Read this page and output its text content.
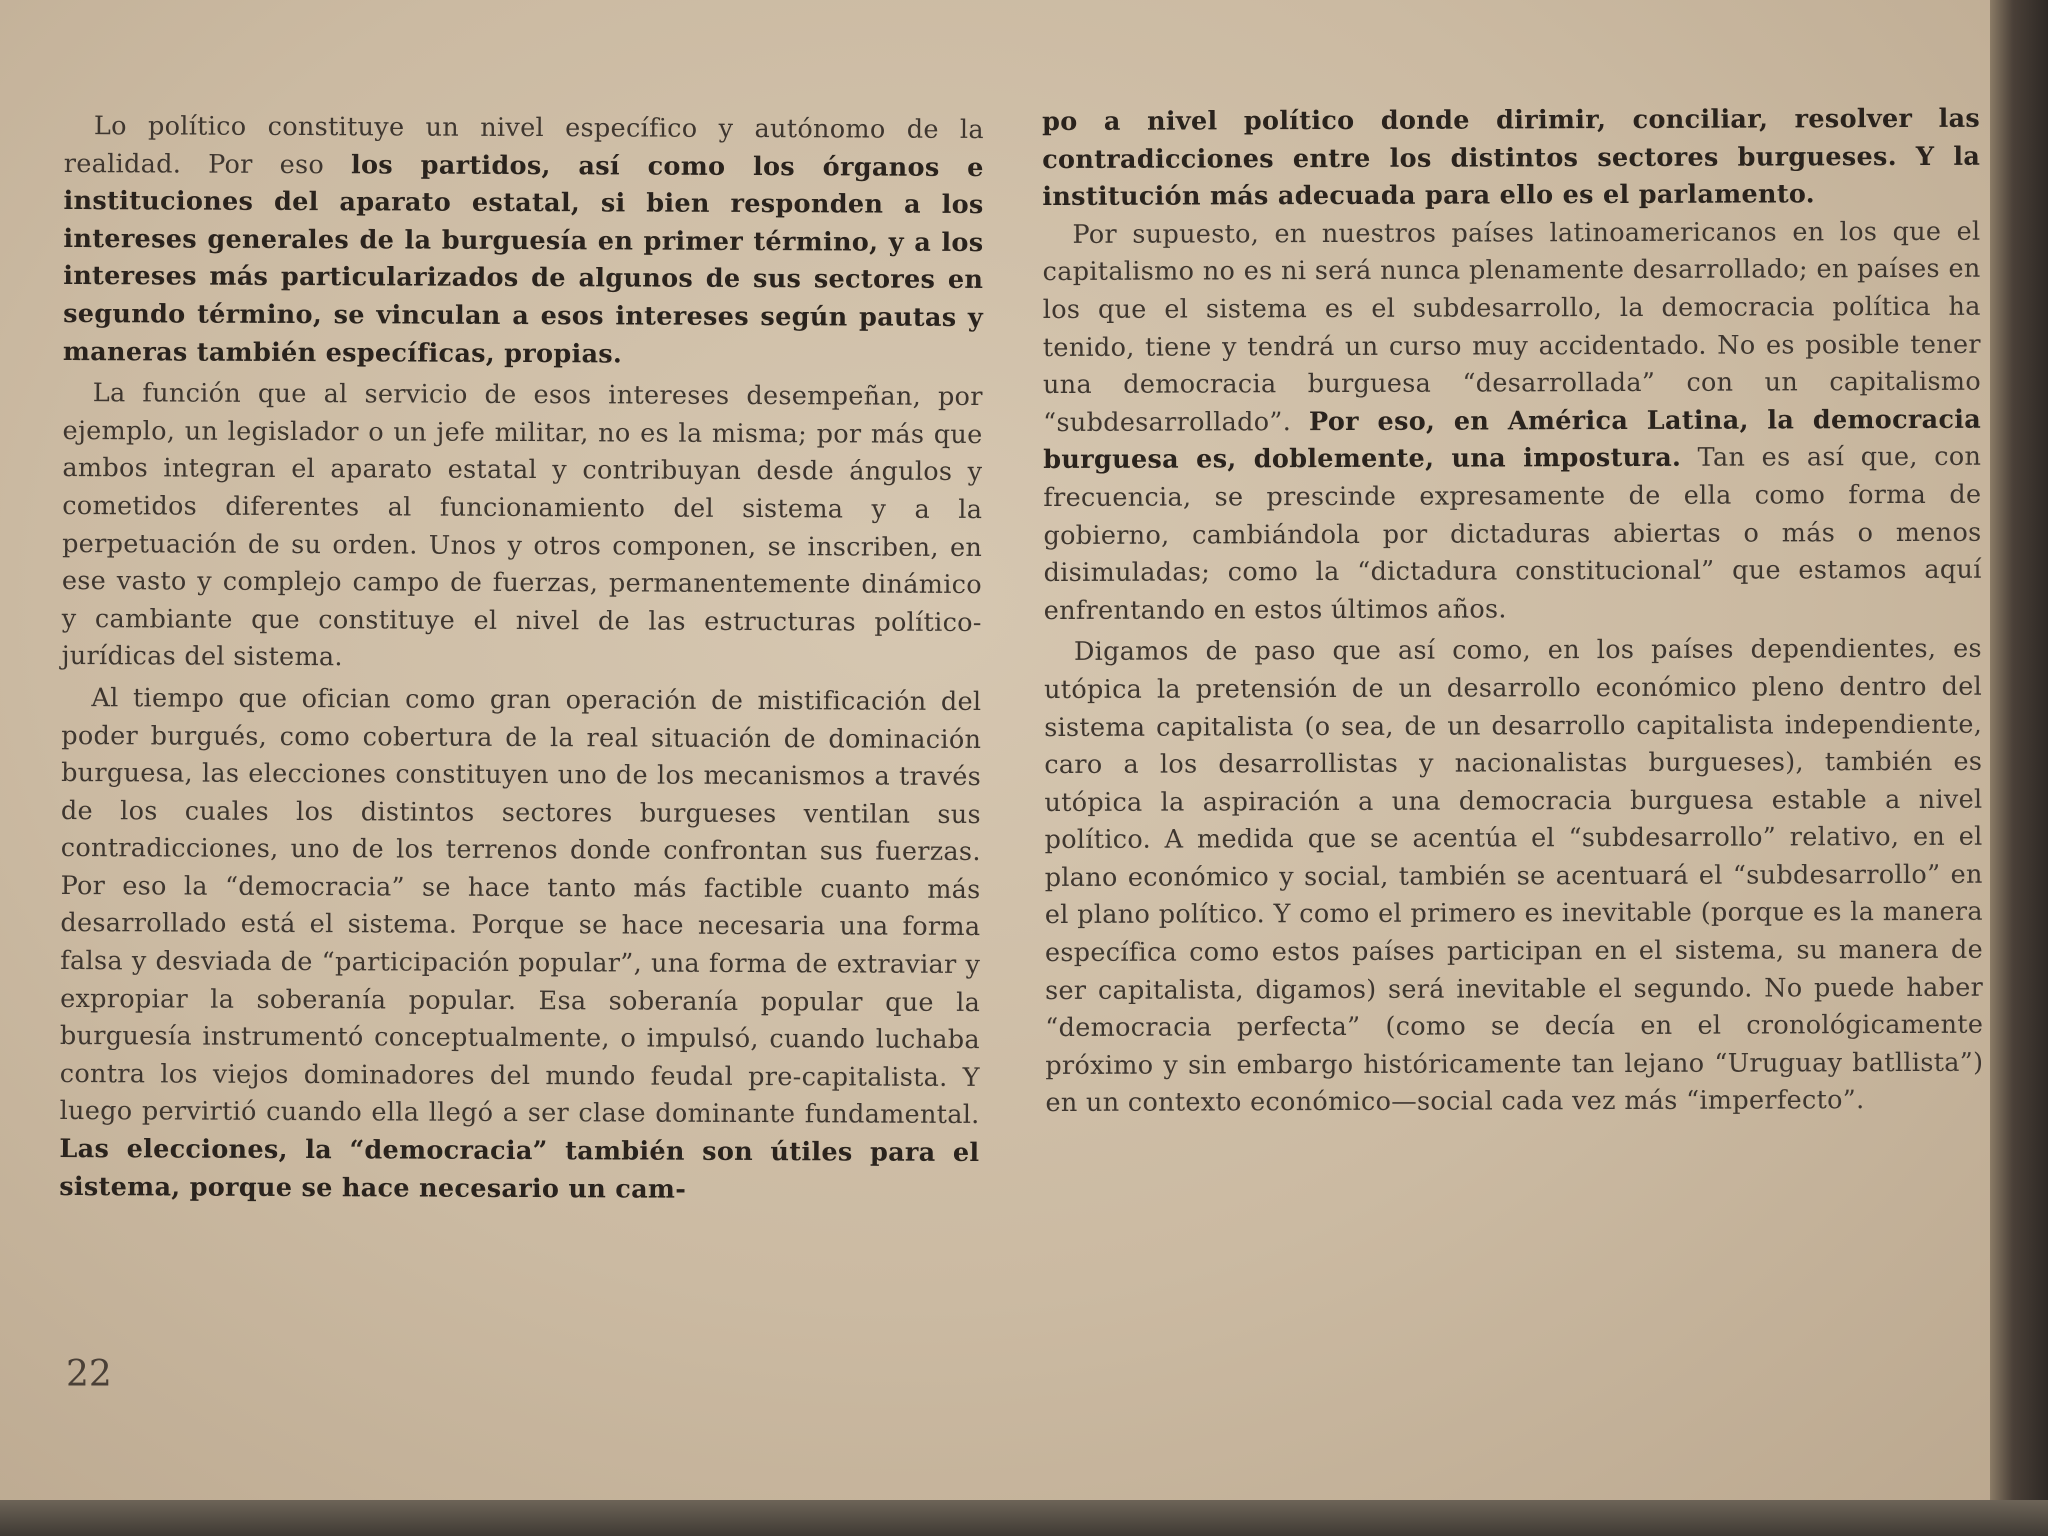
Lo político constituye un nivel específico y autónomo de la realidad. Por eso los partidos, así como los órganos e instituciones del aparato estatal, si bien responden a los intereses generales de la burguesía en primer término, y a los intereses más particularizados de algunos de sus sectores en segundo término, se vinculan a esos intereses según pautas y maneras también específicas, propias.

La función que al servicio de esos intereses desempeñan, por ejemplo, un legislador o un jefe militar, no es la misma; por más que ambos integran el aparato estatal y contribuyan desde ángulos y cometidos diferentes al funcionamiento del sistema y a la perpetuación de su orden. Unos y otros componen, se inscriben, en ese vasto y complejo campo de fuerzas, permanentemente dinámico y cambiante que constituye el nivel de las estructuras político-jurídicas del sistema.

Al tiempo que ofician como gran operación de mistificación del poder burgués, como cobertura de la real situación de dominación burguesa, las elecciones constituyen uno de los mecanismos a través de los cuales los distintos sectores burgueses ventilan sus contradicciones, uno de los terrenos donde confrontan sus fuerzas. Por eso la “democracia” se hace tanto más factible cuanto más desarrollado está el sistema. Porque se hace necesaria una forma falsa y desviada de “participación popular”, una forma de extraviar y expropiar la soberanía popular. Esa soberanía popular que la burguesía instrumentó conceptualmente, o impulsó, cuando luchaba contra los viejos dominadores del mundo feudal pre-capitalista. Y luego pervirtió cuando ella llegó a ser clase dominante fundamental. Las elecciones, la “democracia” también son útiles para el sistema, porque se hace necesario un cam-

po a nivel político donde dirimir, conciliar, resolver las contradicciones entre los distintos sectores burgueses. Y la institución más adecuada para ello es el parlamento.

Por supuesto, en nuestros países latinoamericanos en los que el capitalismo no es ni será nunca plenamente desarrollado; en países en los que el sistema es el subdesarrollo, la democracia política ha tenido, tiene y tendrá un curso muy accidentado. No es posible tener una democracia burguesa “desarrollada” con un capitalismo “subdesarrollado”. Por eso, en América Latina, la democracia burguesa es, doblemente, una impostura. Tan es así que, con frecuencia, se prescinde expresamente de ella como forma de gobierno, cambiándola por dictaduras abiertas o más o menos disimuladas; como la “dictadura constitucional” que estamos aquí enfrentando en estos últimos años.

Digamos de paso que así como, en los países dependientes, es utópica la pretensión de un desarrollo económico pleno dentro del sistema capitalista (o sea, de un desarrollo capitalista independiente, caro a los desarrollistas y nacionalistas burgueses), también es utópica la aspiración a una democracia burguesa estable a nivel político. A medida que se acentúa el “subdesarrollo” relativo, en el plano económico y social, también se acentuará el “subdesarrollo” en el plano político. Y como el primero es inevitable (porque es la manera específica como estos países participan en el sistema, su manera de ser capitalista, digamos) será inevitable el segundo. No puede haber “democracia perfecta” (como se decía en el cronológicamente próximo y sin embargo históricamente tan lejano “Uruguay batllista”) en un contexto económico—social cada vez más “imperfecto”.

22
